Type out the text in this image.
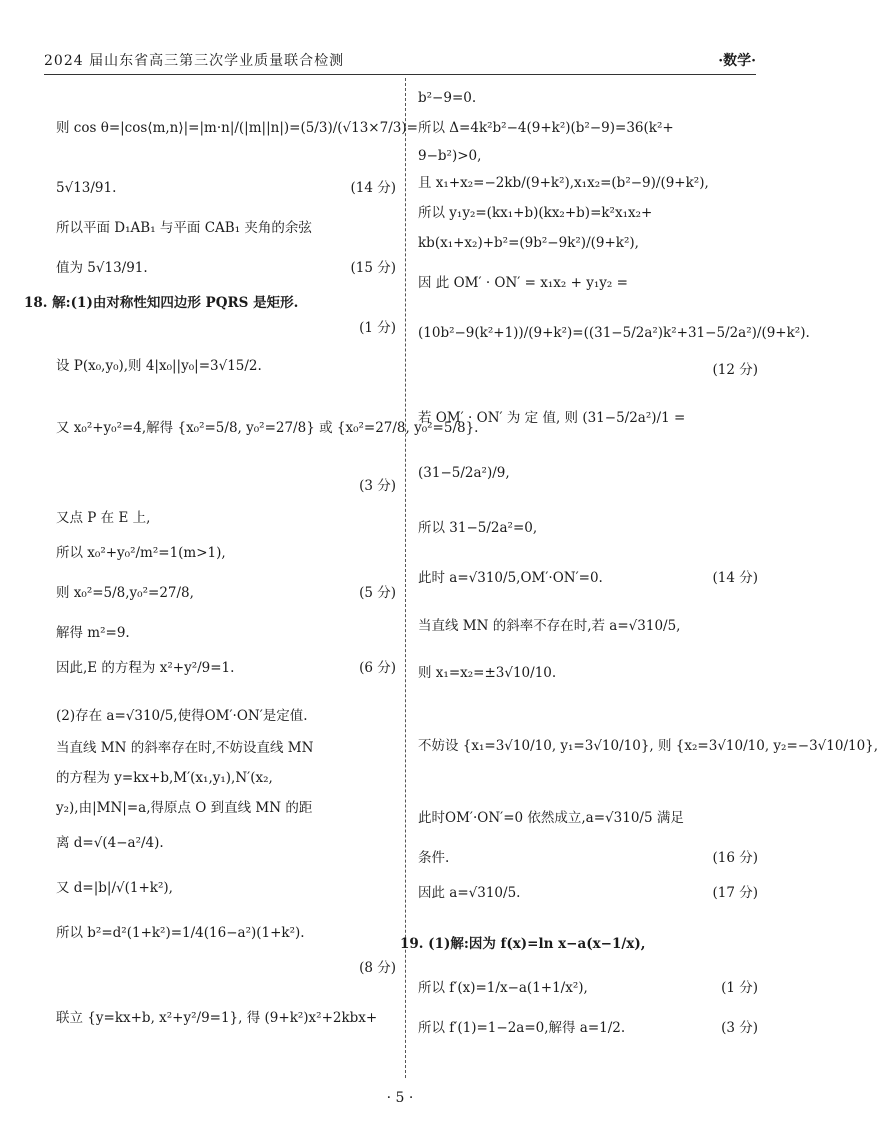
2024 届山东省高三第三次学业质量联合检测	·数学·
则 cos θ=|cos⟨m,n⟩|=|m·n|/(|m||n|)=(5/3)/(√13×7/3)=
5√13/91.	(14 分)
所以平面 D₁AB₁ 与平面 CAB₁ 夹角的余弦
值为 5√13/91.	(15 分)
18. 解:(1)由对称性知四边形 PQRS 是矩形.
(1 分)
设 P(x₀,y₀),则 4|x₀||y₀|=3√15/2.
又 x₀²+y₀²=4,解得 {x₀²=5/8, y₀²=27/8} 或 {x₀²=27/8, y₀²=5/8}.
(3 分)
又点 P 在 E 上,
所以 x₀²+y₀²/m²=1(m>1),
则 x₀²=5/8,y₀²=27/8,	(5 分)
解得 m²=9.
因此,E 的方程为 x²+y²/9=1.	(6 分)
(2)存在 a=√310/5,使得OM′·ON′是定值.
当直线 MN 的斜率存在时,不妨设直线 MN
的方程为 y=kx+b,M′(x₁,y₁),N′(x₂,
y₂),由|MN|=a,得原点 O 到直线 MN 的距
离 d=√(4−a²/4).
又 d=|b|/√(1+k²),
所以 b²=d²(1+k²)=1/4(16−a²)(1+k²).
(8 分)
联立 {y=kx+b, x²+y²/9=1}, 得 (9+k²)x²+2kbx+
b²−9=0.
所以 Δ=4k²b²−4(9+k²)(b²−9)=36(k²+
9−b²)>0,
且 x₁+x₂=−2kb/(9+k²),x₁x₂=(b²−9)/(9+k²),
所以 y₁y₂=(kx₁+b)(kx₂+b)=k²x₁x₂+
kb(x₁+x₂)+b²=(9b²−9k²)/(9+k²),
因 此 OM′ · ON′ = x₁x₂ + y₁y₂ =
(10b²−9(k²+1))/(9+k²)=((31−5/2a²)k²+31−5/2a²)/(9+k²).
(12 分)
若 OM′ · ON′ 为 定 值, 则 (31−5/2a²)/1 =
(31−5/2a²)/9,
所以 31−5/2a²=0,
此时 a=√310/5,OM′·ON′=0.	(14 分)
当直线 MN 的斜率不存在时,若 a=√310/5,
则 x₁=x₂=±3√10/10.
不妨设 {x₁=3√10/10, y₁=3√10/10}, 则 {x₂=3√10/10, y₂=−3√10/10},
此时OM′·ON′=0 依然成立,a=√310/5 满足
条件.	(16 分)
因此 a=√310/5.	(17 分)
19. (1)解:因为 f(x)=ln x−a(x−1/x),
所以 f′(x)=1/x−a(1+1/x²),	(1 分)
所以 f′(1)=1−2a=0,解得 a=1/2.	(3 分)
· 5 ·
